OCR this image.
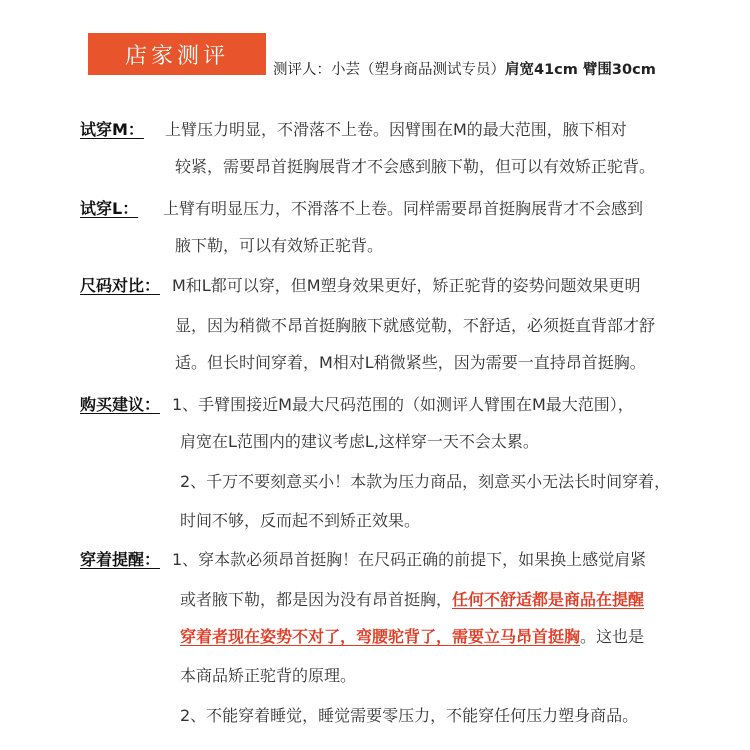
店家测评
测评人：小芸（塑身商品测试专员）肩宽41cm 臂围30cm
试穿M： 上臂压力明显，不滑落不上卷。因臂围在M的最大范围，腋下相对
较紧，需要昂首挺胸展背才不会感到腋下勒，但可以有效矫正驼背。
试穿L： 上臂有明显压力，不滑落不上卷。同样需要昂首挺胸展背才不会感到
腋下勒，可以有效矫正驼背。
尺码对比： M和L都可以穿，但M塑身效果更好，矫正驼背的姿势问题效果更明
显，因为稍微不昂首挺胸腋下就感觉勒，不舒适，必须挺直背部才舒
适。但长时间穿着，M相对L稍微紧些，因为需要一直持昂首挺胸。
购买建议： 1、手臂围接近M最大尺码范围的（如测评人臂围在M最大范围），
肩宽在L范围内的建议考虑L,这样穿一天不会太累。
2、千万不要刻意买小！本款为压力商品，刻意买小无法长时间穿着，
时间不够，反而起不到矫正效果。
穿着提醒： 1、穿本款必须昂首挺胸！在尺码正确的前提下，如果换上感觉肩紧
或者腋下勒，都是因为没有昂首挺胸，任何不舒适都是商品在提醒
穿着者现在姿势不对了，弯腰驼背了，需要立马昂首挺胸。这也是
本商品矫正驼背的原理。
2、不能穿着睡觉，睡觉需要零压力，不能穿任何压力塑身商品。
